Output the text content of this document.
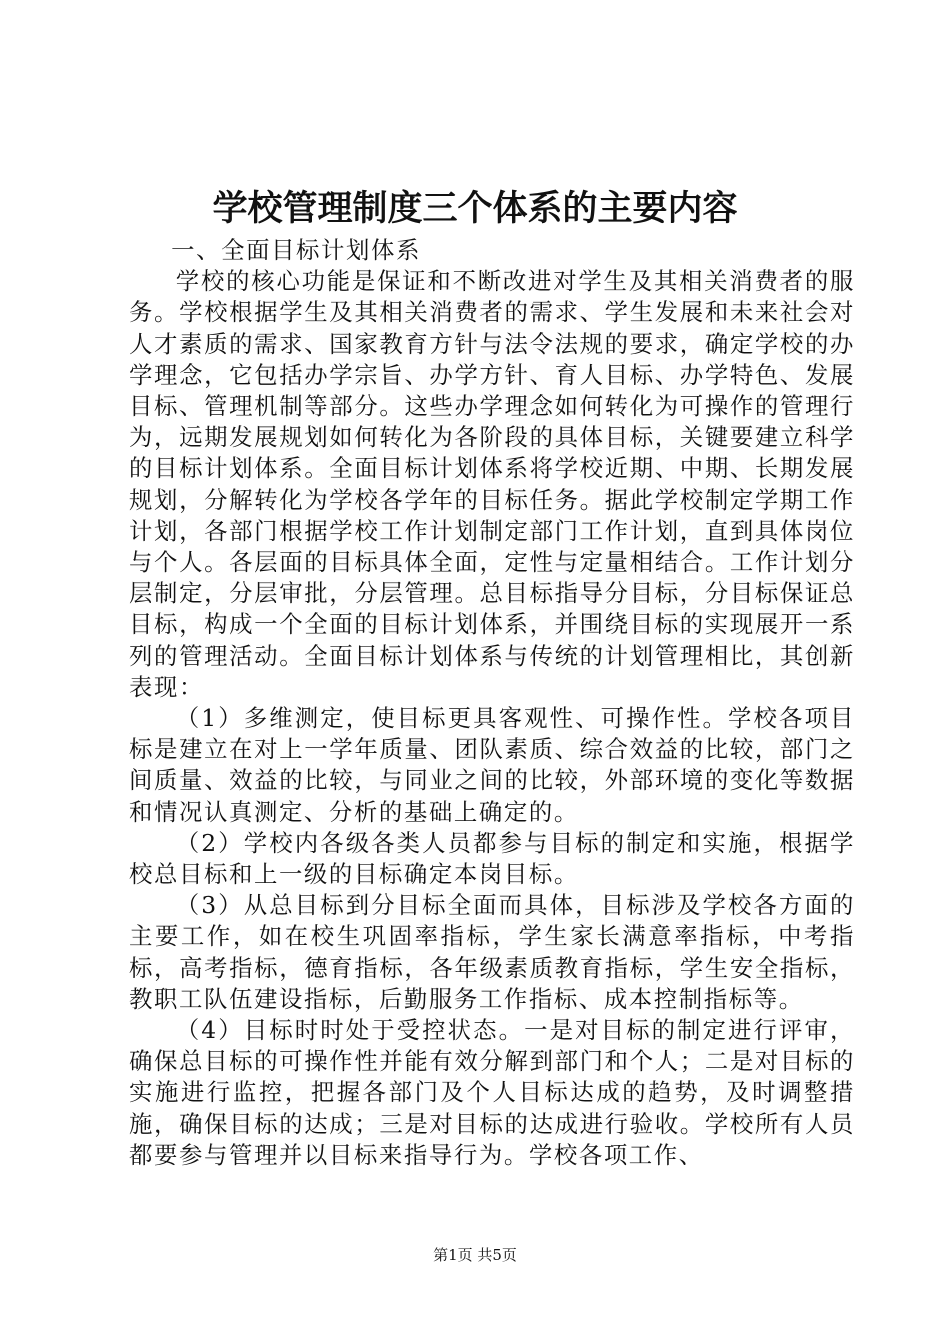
学校管理制度三个体系的主要内容

一、全面目标计划体系

学校的核心功能是保证和不断改进对学生及其相关消费者的服务。学校根据学生及其相关消费者的需求、学生发展和未来社会对人才素质的需求、国家教育方针与法令法规的要求，确定学校的办学理念，它包括办学宗旨、办学方针、育人目标、办学特色、发展目标、管理机制等部分。这些办学理念如何转化为可操作的管理行为，远期发展规划如何转化为各阶段的具体目标，关键要建立科学的目标计划体系。全面目标计划体系将学校近期、中期、长期发展规划，分解转化为学校各学年的目标任务。据此学校制定学期工作计划，各部门根据学校工作计划制定部门工作计划，直到具体岗位与个人。各层面的目标具体全面，定性与定量相结合。工作计划分层制定，分层审批，分层管理。总目标指导分目标，分目标保证总目标，构成一个全面的目标计划体系，并围绕目标的实现展开一系列的管理活动。全面目标计划体系与传统的计划管理相比，其创新表现：

（1）多维测定，使目标更具客观性、可操作性。学校各项目标是建立在对上一学年质量、团队素质、综合效益的比较，部门之间质量、效益的比较，与同业之间的比较，外部环境的变化等数据和情况认真测定、分析的基础上确定的。

（2）学校内各级各类人员都参与目标的制定和实施，根据学校总目标和上一级的目标确定本岗目标。

（3）从总目标到分目标全面而具体，目标涉及学校各方面的主要工作，如在校生巩固率指标，学生家长满意率指标，中考指标，高考指标，德育指标，各年级素质教育指标，学生安全指标，教职工队伍建设指标，后勤服务工作指标、成本控制指标等。

（4）目标时时处于受控状态。一是对目标的制定进行评审，确保总目标的可操作性并能有效分解到部门和个人；二是对目标的实施进行监控，把握各部门及个人目标达成的趋势，及时调整措施，确保目标的达成；三是对目标的达成进行验收。学校所有人员都要参与管理并以目标来指导行为。学校各项工作、

第1页 共5页
